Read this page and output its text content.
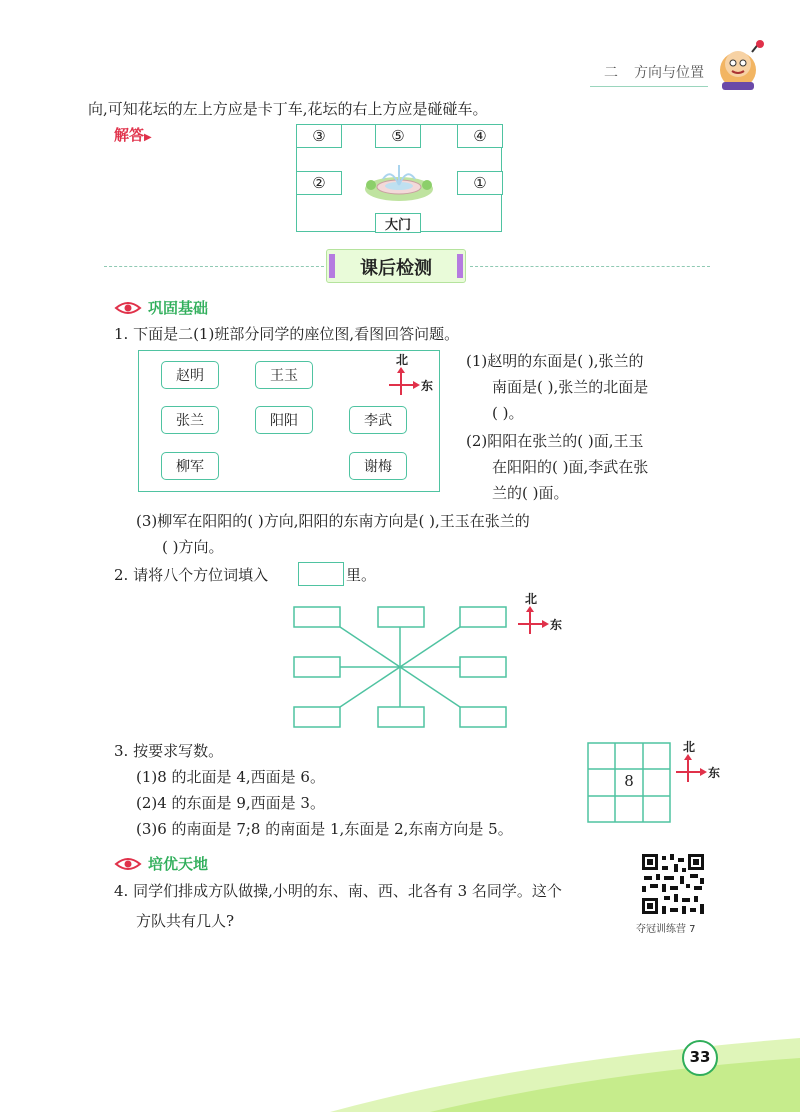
二 方向与位置
向,可知花坛的左上方应是卡丁车,花坛的右上方应是碰碰车。
解答▶	③	⑤	④
②	①
大门
课后检测
巩固基础
1. 下面是二(1)班部分同学的座位图,看图回答问题。
赵明	王玉
张兰	阳阳	李武
柳军	谢梅
北
东
(1)赵明的东面是( ),张兰的
南面是( ),张兰的北面是
( )。
(2)阳阳在张兰的( )面,王玉
在阳阳的( )面,李武在张
兰的( )面。
(3)柳军在阳阳的( )方向,阳阳的东南方向是( ),王玉在张兰的
( )方向。
2. 请将八个方位词填入	里。
北
东
3. 按要求写数。
(1)8 的北面是 4,西面是 6。
(2)4 的东面是 9,西面是 3。
(3)6 的南面是 7;8 的南面是 1,东面是 2,东南方向是 5。
8
北
东
培优天地
4. 同学们排成方队做操,小明的东、南、西、北各有 3 名同学。这个
方队共有几人?	夺冠训练营 7
33
